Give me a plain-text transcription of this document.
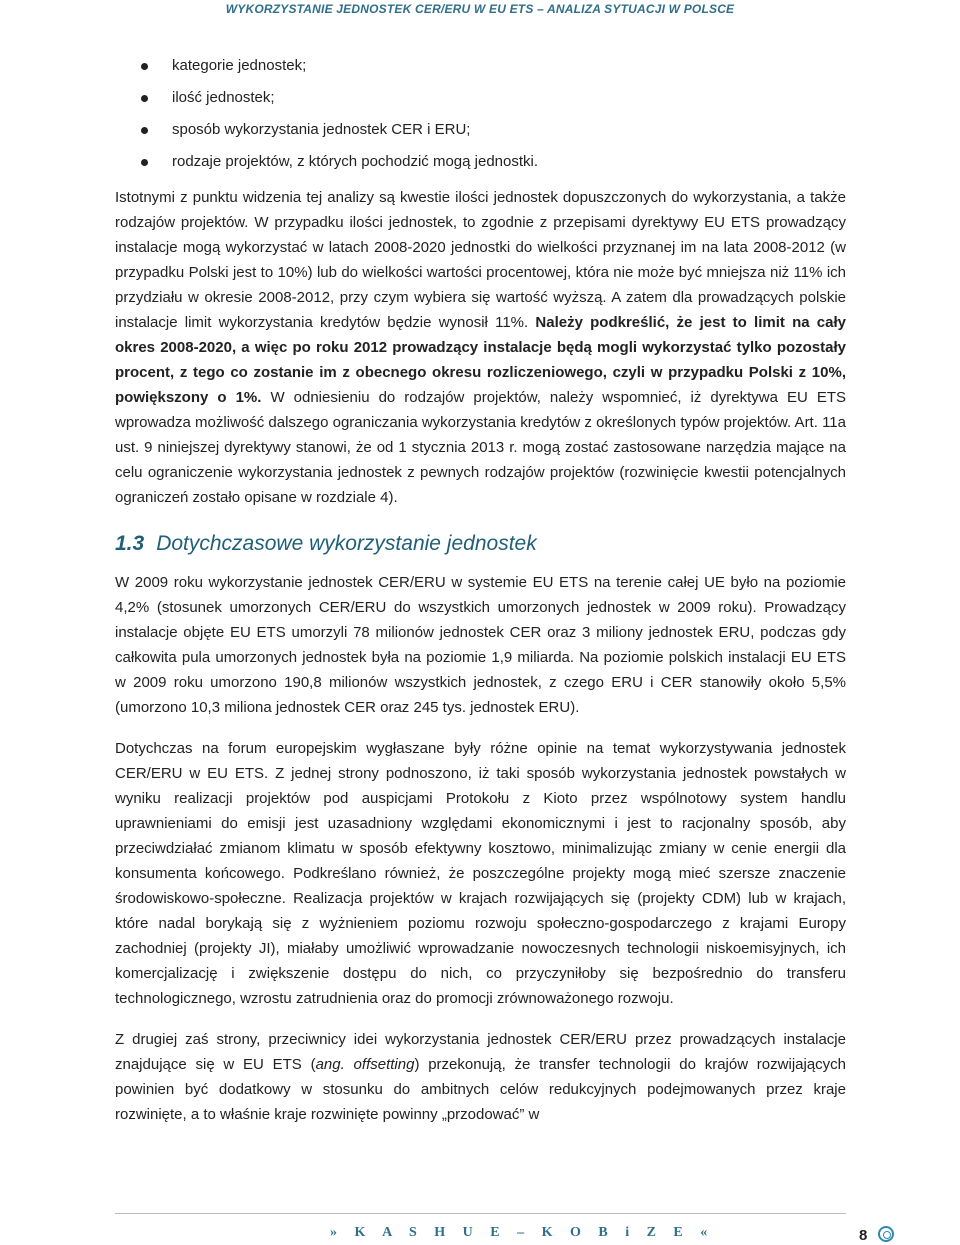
WYKORZYSTANIE JEDNOSTEK CER/ERU W EU ETS – ANALIZA SYTUACJI W POLSCE
kategorie jednostek;
ilość jednostek;
sposób wykorzystania jednostek CER i ERU;
rodzaje projektów, z których pochodzić mogą jednostki.

Istotnymi z punktu widzenia tej analizy są kwestie ilości jednostek dopuszczonych do wykorzystania, a także rodzajów projektów. W przypadku ilości jednostek, to zgodnie z przepisami dyrektywy EU ETS prowadzący instalacje mogą wykorzystać w latach 2008-2020 jednostki do wielkości przyznanej im na lata 2008-2012 (w przypadku Polski jest to 10%) lub do wielkości wartości procentowej, która nie może być mniejsza niż 11% ich przydziału w okresie 2008-2012, przy czym wybiera się wartość wyższą. A zatem dla prowadzących polskie instalacje limit wykorzystania kredytów będzie wynosił 11%. Należy podkreślić, że jest to limit na cały okres 2008-2020, a więc po roku 2012 prowadzący instalacje będą mogli wykorzystać tylko pozostały procent, z tego co zostanie im z obecnego okresu rozliczeniowego, czyli w przypadku Polski z 10%, powiększony o 1%. W odniesieniu do rodzajów projektów, należy wspomnieć, iż dyrektywa EU ETS wprowadza możliwość dalszego ograniczania wykorzystania kredytów z określonych typów projektów. Art. 11a ust. 9 niniejszej dyrektywy stanowi, że od 1 stycznia 2013 r. mogą zostać zastosowane narzędzia mające na celu ograniczenie wykorzystania jednostek z pewnych rodzajów projektów (rozwinięcie kwestii potencjalnych ograniczeń zostało opisane w rozdziale 4).

1.3 Dotychczasowe wykorzystanie jednostek

W 2009 roku wykorzystanie jednostek CER/ERU w systemie EU ETS na terenie całej UE było na poziomie 4,2% (stosunek umorzonych CER/ERU do wszystkich umorzonych jednostek w 2009 roku). Prowadzący instalacje objęte EU ETS umorzyli 78 milionów jednostek CER oraz 3 miliony jednostek ERU, podczas gdy całkowita pula umorzonych jednostek była na poziomie 1,9 miliarda. Na poziomie polskich instalacji EU ETS w 2009 roku umorzono 190,8 milionów wszystkich jednostek, z czego ERU i CER stanowiły około 5,5% (umorzono 10,3 miliona jednostek CER oraz 245 tys. jednostek ERU).

Dotychczas na forum europejskim wygłaszane były różne opinie na temat wykorzystywania jednostek CER/ERU w EU ETS. Z jednej strony podnoszono, iż taki sposób wykorzystania jednostek powstałych w wyniku realizacji projektów pod auspicjami Protokołu z Kioto przez wspólnotowy system handlu uprawnieniami do emisji jest uzasadniony względami ekonomicznymi i jest to racjonalny sposób, aby przeciwdziałać zmianom klimatu w sposób efektywny kosztowo, minimalizując zmiany w cenie energii dla konsumenta końcowego. Podkreślano również, że poszczególne projekty mogą mieć szersze znaczenie środowiskowo-społeczne. Realizacja projektów w krajach rozwijających się (projekty CDM) lub w krajach, które nadal borykają się z wyżnieniem poziomu rozwoju społeczno-gospodarczego z krajami Europy zachodniej (projekty JI), miałaby umożliwić wprowadzanie nowoczesnych technologii niskoemisyjnych, ich komercjalizację i zwiększenie dostępu do nich, co przyczyniłoby się bezpośrednio do transferu technologicznego, wzrostu zatrudnienia oraz do promocji zrównoważonego rozwoju.

Z drugiej zaś strony, przeciwnicy idei wykorzystania jednostek CER/ERU przez prowadzących instalacje znajdujące się w EU ETS (ang. offsetting) przekonują, że transfer technologii do krajów rozwijających powinien być dodatkowy w stosunku do ambitnych celów redukcyjnych podejmowanych przez kraje rozwinięte, a to właśnie kraje rozwinięte powinny „przodować” w

» K A S H U E – K O B i Z E «	8
